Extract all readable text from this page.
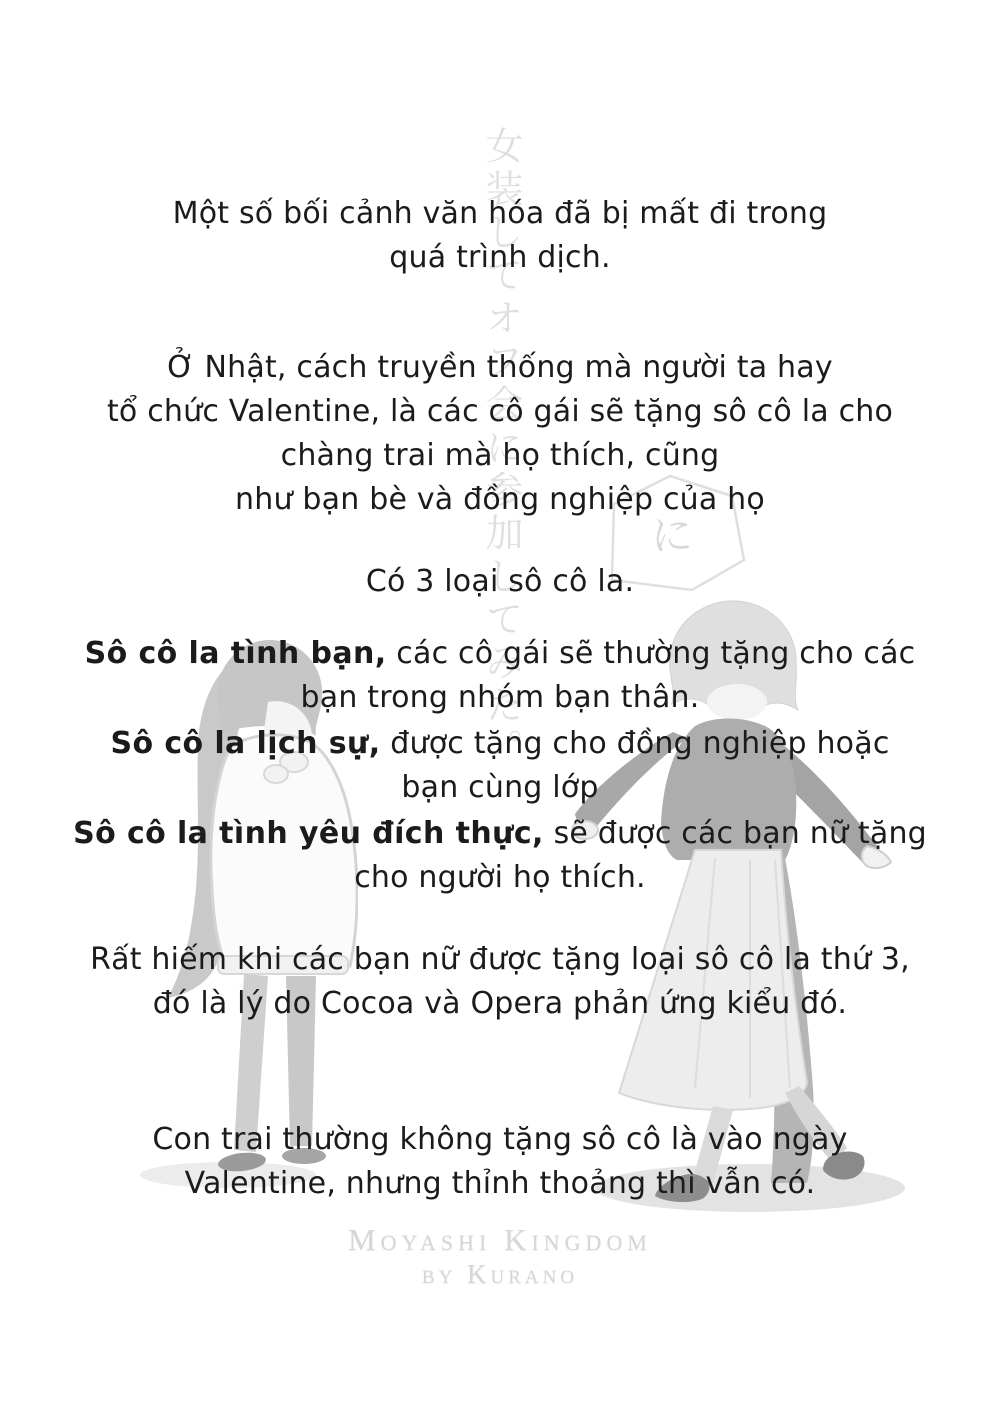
女装してオフ会に参加してみた。	に
Một số bối cảnh văn hóa đã bị mất đi trong
quá trình dịch.
Ở Nhật, cách truyền thống mà người ta hay
tổ chức Valentine, là các cô gái sẽ tặng sô cô la cho
chàng trai mà họ thích, cũng
như bạn bè và đồng nghiệp của họ
Có 3 loại sô cô la.
Sô cô la tình bạn, các cô gái sẽ thường tặng cho các
bạn trong nhóm bạn thân.
Sô cô la lịch sự, được tặng cho đồng nghiệp hoặc
bạn cùng lớp
Sô cô la tình yêu đích thực, sẽ được các bạn nữ tặng
cho người họ thích.
Rất hiếm khi các bạn nữ được tặng loại sô cô la thứ 3,
đó là lý do Cocoa và Opera phản ứng kiểu đó.
Con trai thường không tặng sô cô là vào ngày
Valentine, nhưng thỉnh thoảng thì vẫn có.
Moyashi Kingdom
by Kurano
